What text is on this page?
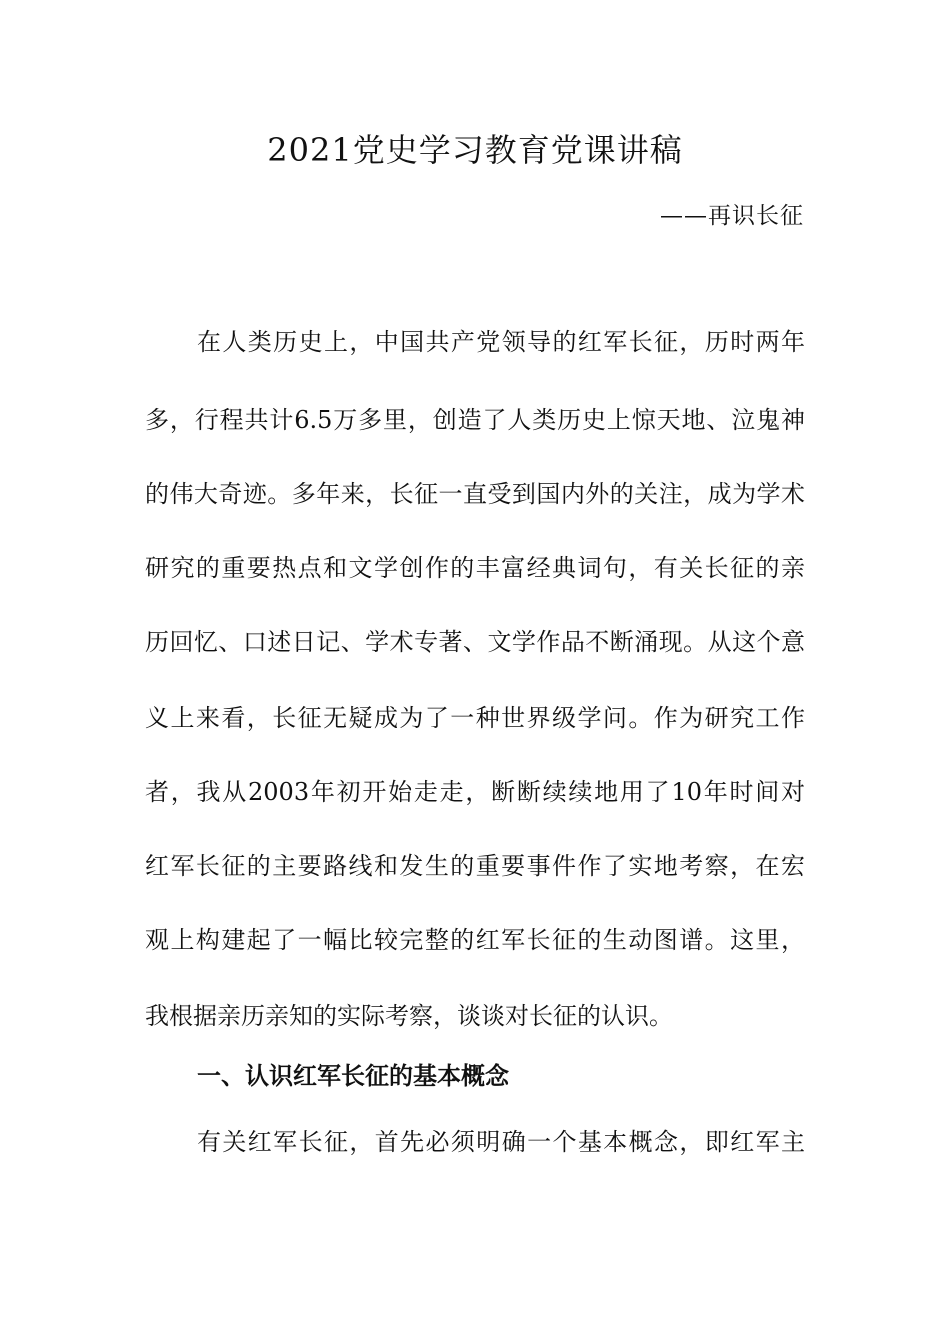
2021党史学习教育党课讲稿
——再识长征
在人类历史上，中国共产党领导的红军长征，历时两年
多，行程共计6.5万多里，创造了人类历史上惊天地、泣鬼神
的伟大奇迹。多年来，长征一直受到国内外的关注，成为学术
研究的重要热点和文学创作的丰富经典词句，有关长征的亲
历回忆、口述日记、学术专著、文学作品不断涌现。从这个意
义上来看，长征无疑成为了一种世界级学问。作为研究工作
者，我从2003年初开始走走，断断续续地用了10年时间对
红军长征的主要路线和发生的重要事件作了实地考察，在宏
观上构建起了一幅比较完整的红军长征的生动图谱。这里，
我根据亲历亲知的实际考察，谈谈对长征的认识。
一、认识红军长征的基本概念
有关红军长征，首先必须明确一个基本概念，即红军主
